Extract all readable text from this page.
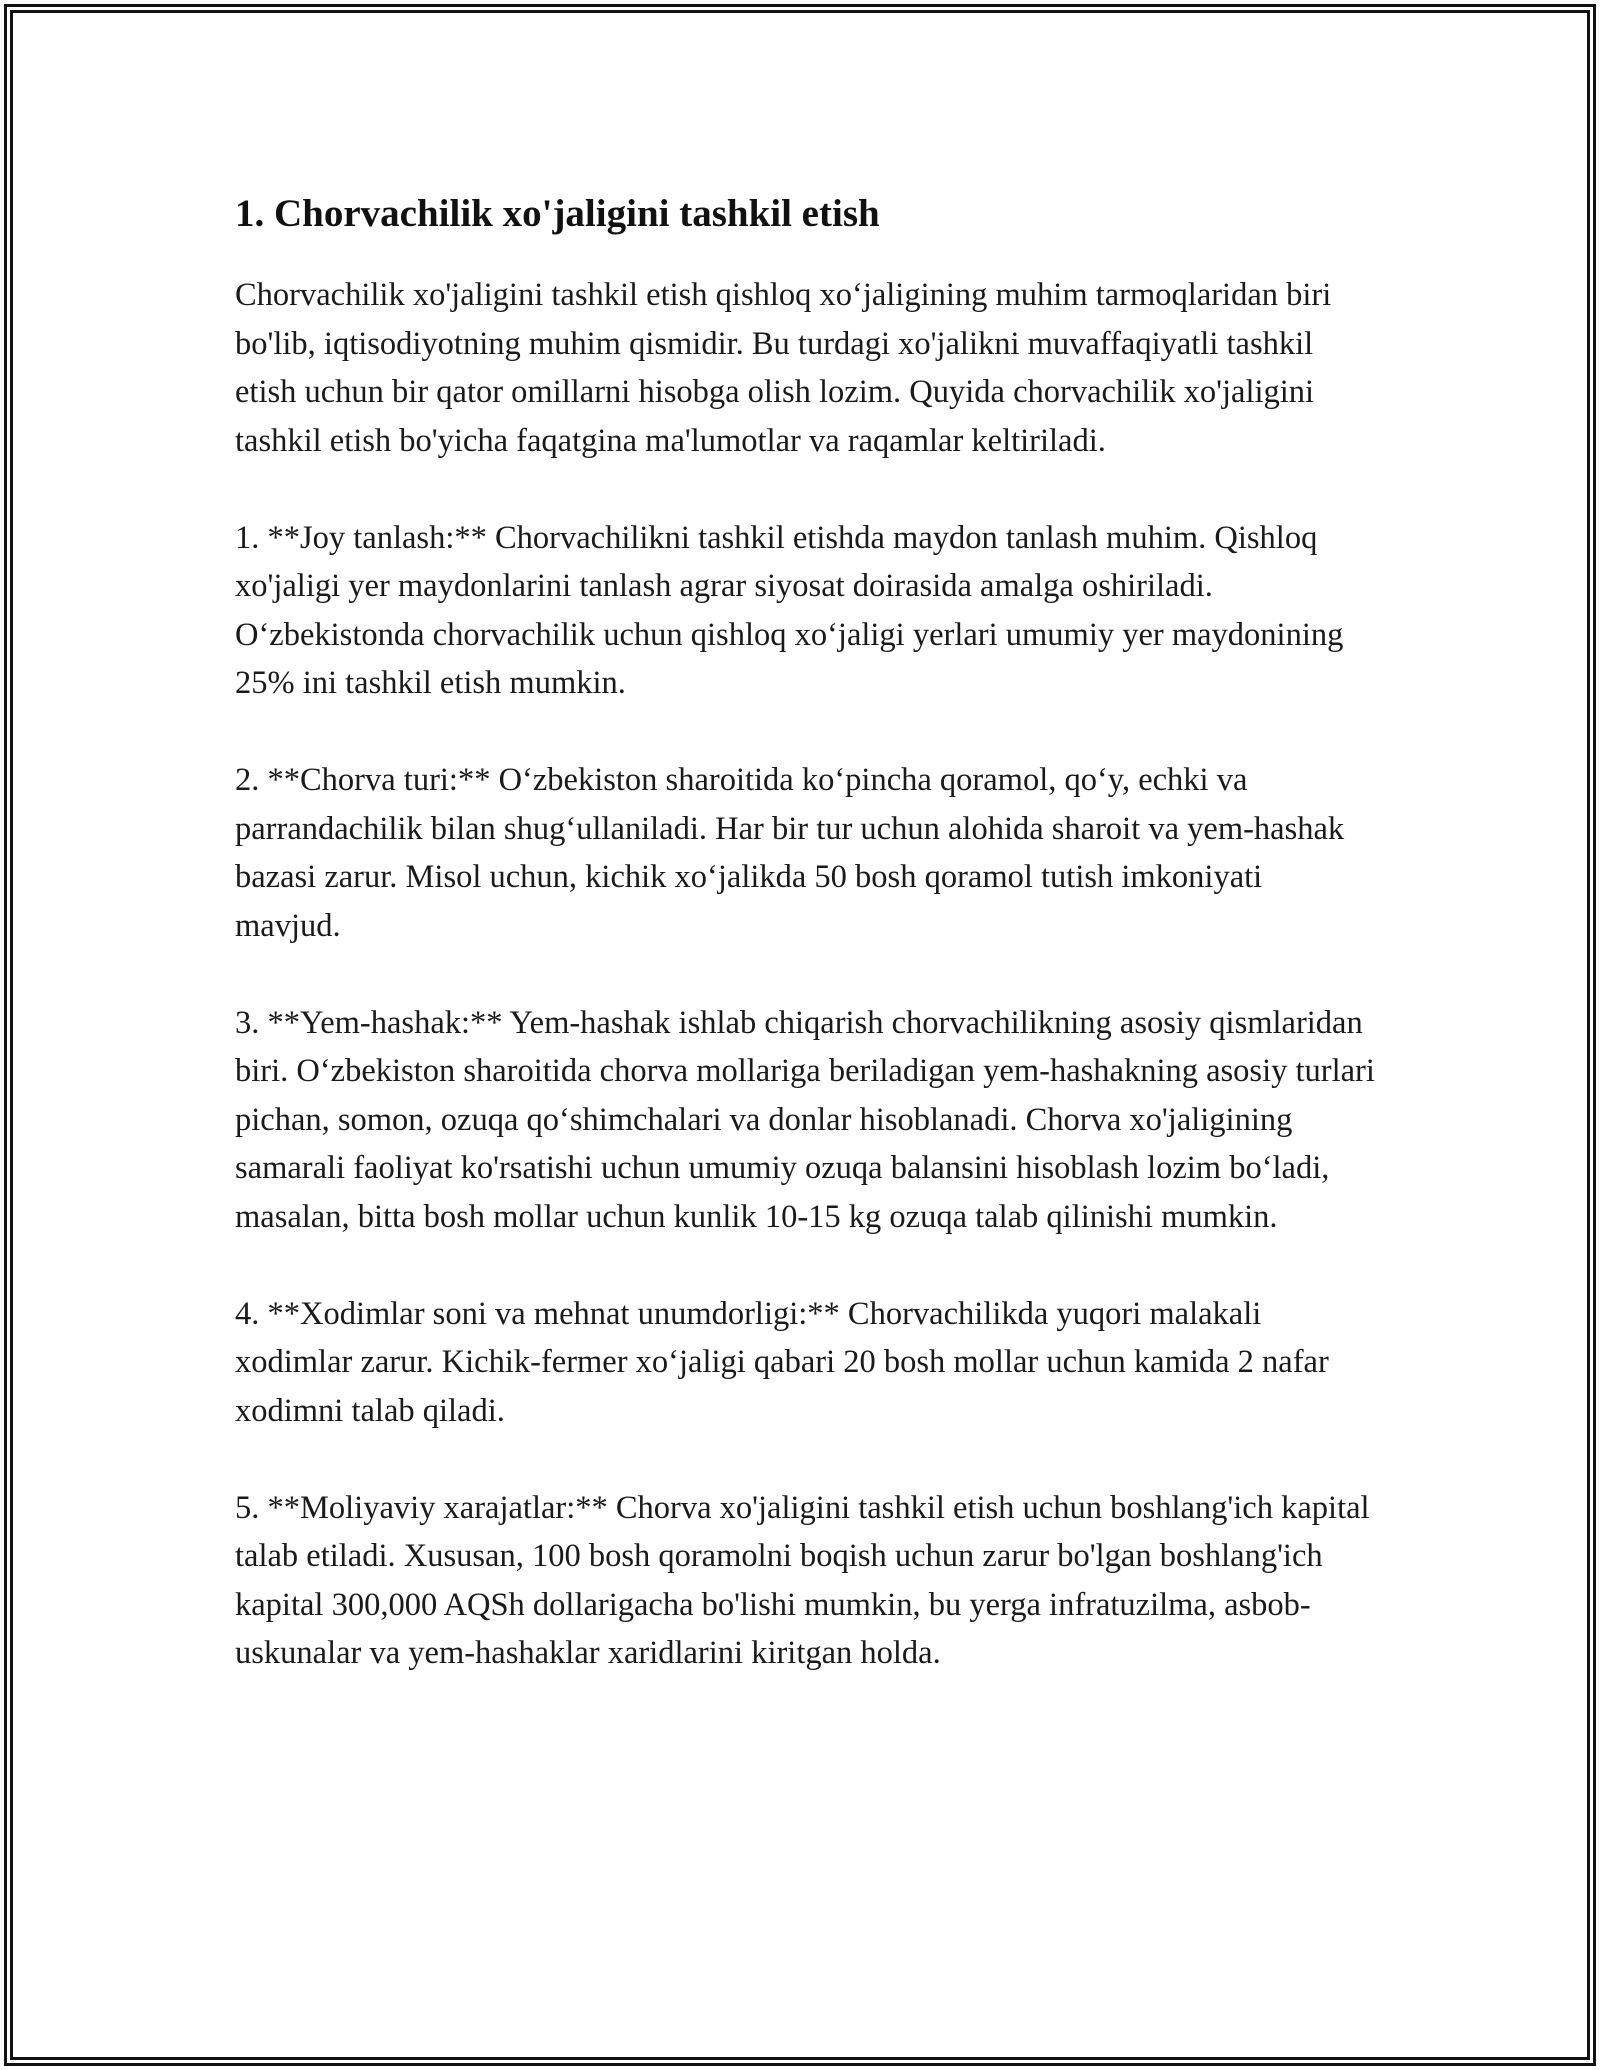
1. Chorvachilik xo'jaligini tashkil etish

Chorvachilik xo'jaligini tashkil etish qishloq xo‘jaligining muhim tarmoqlaridan biri bo'lib, iqtisodiyotning muhim qismidir. Bu turdagi xo'jalikni muvaffaqiyatli tashkil etish uchun bir qator omillarni hisobga olish lozim. Quyida chorvachilik xo'jaligini tashkil etish bo'yicha faqatgina ma'lumotlar va raqamlar keltiriladi.

1. **Joy tanlash:** Chorvachilikni tashkil etishda maydon tanlash muhim. Qishloq xo'jaligi yer maydonlarini tanlash agrar siyosat doirasida amalga oshiriladi. O‘zbekistonda chorvachilik uchun qishloq xo‘jaligi yerlari umumiy yer maydonining 25% ini tashkil etish mumkin.

2. **Chorva turi:** O‘zbekiston sharoitida ko‘pincha qoramol, qo‘y, echki va parrandachilik bilan shug‘ullaniladi. Har bir tur uchun alohida sharoit va yem-hashak bazasi zarur. Misol uchun, kichik xo‘jalikda 50 bosh qoramol tutish imkoniyati mavjud.

3. **Yem-hashak:** Yem-hashak ishlab chiqarish chorvachilikning asosiy qismlaridan biri. O‘zbekiston sharoitida chorva mollariga beriladigan yem-hashakning asosiy turlari pichan, somon, ozuqa qo‘shimchalari va donlar hisoblanadi. Chorva xo'jaligining samarali faoliyat ko'rsatishi uchun umumiy ozuqa balansini hisoblash lozim bo‘ladi, masalan, bitta bosh mollar uchun kunlik 10-15 kg ozuqa talab qilinishi mumkin.

4. **Xodimlar soni va mehnat unumdorligi:** Chorvachilikda yuqori malakali xodimlar zarur. Kichik-fermer xo‘jaligi qabari 20 bosh mollar uchun kamida 2 nafar xodimni talab qiladi.

5. **Moliyaviy xarajatlar:** Chorva xo'jaligini tashkil etish uchun boshlang'ich kapital talab etiladi. Xususan, 100 bosh qoramolni boqish uchun zarur bo'lgan boshlang'ich kapital 300,000 AQSh dollarigacha bo'lishi mumkin, bu yerga infratuzilma, asbob-uskunalar va yem-hashaklar xaridlarini kiritgan holda.
